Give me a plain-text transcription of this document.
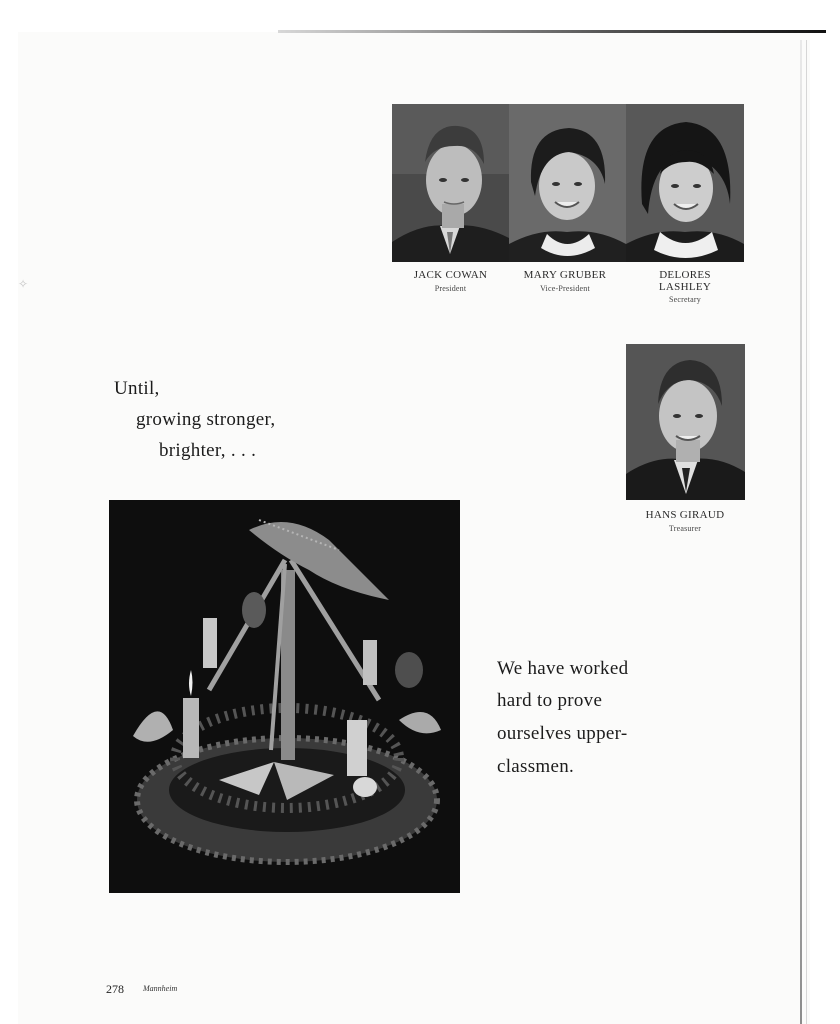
✧
JACK COWAN
President
MARY GRUBER
Vice-President
DELORES
LASHLEY
Secretary
HANS GIRAUD
Treasurer
Until,
growing stronger,
brighter, . . .
We have worked
hard to prove
ourselves upper-
classmen.
278 Mannheim
